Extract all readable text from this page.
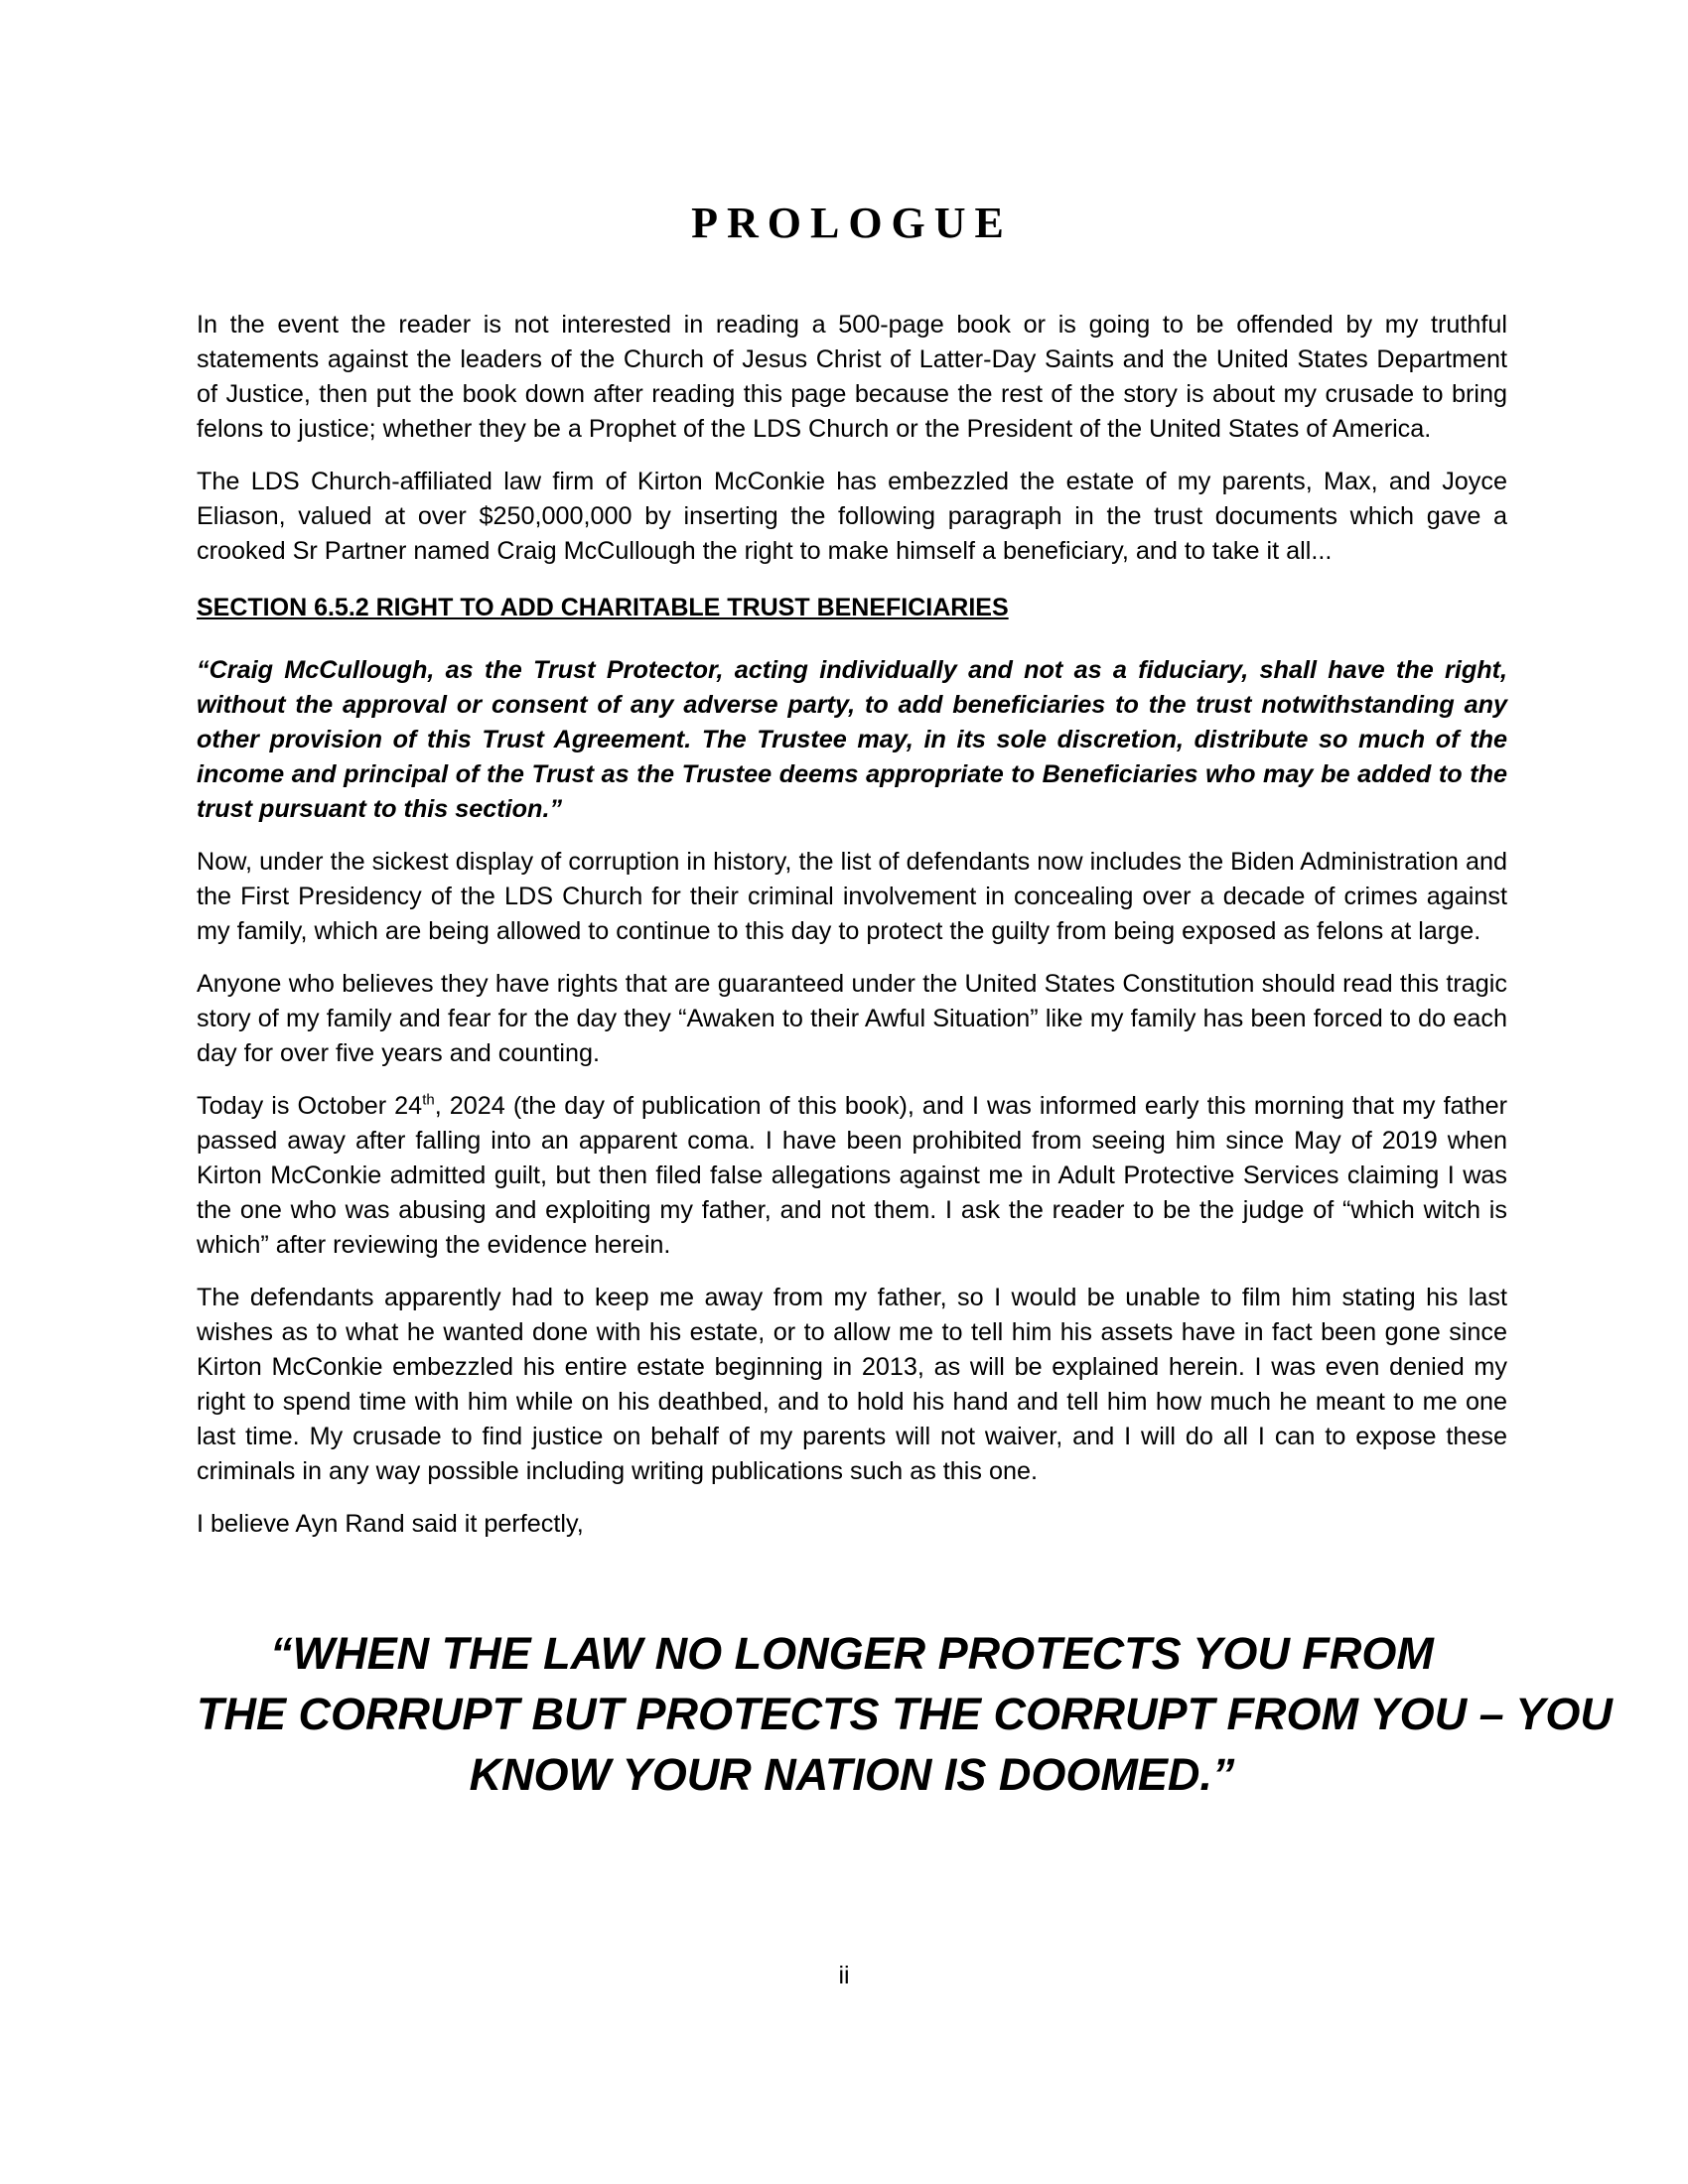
PROLOGUE

In the event the reader is not interested in reading a 500-page book or is going to be offended by my truthful statements against the leaders of the Church of Jesus Christ of Latter-Day Saints and the United States Department of Justice, then put the book down after reading this page because the rest of the story is about my crusade to bring felons to justice; whether they be a Prophet of the LDS Church or the President of the United States of America.

The LDS Church-affiliated law firm of Kirton McConkie has embezzled the estate of my parents, Max, and Joyce Eliason, valued at over $250,000,000 by inserting the following paragraph in the trust documents which gave a crooked Sr Partner named Craig McCullough the right to make himself a beneficiary, and to take it all...

SECTION 6.5.2 RIGHT TO ADD CHARITABLE TRUST BENEFICIARIES

“Craig McCullough, as the Trust Protector, acting individually and not as a fiduciary, shall have the right, without the approval or consent of any adverse party, to add beneficiaries to the trust notwithstanding any other provision of this Trust Agreement. The Trustee may, in its sole discretion, distribute so much of the income and principal of the Trust as the Trustee deems appropriate to Beneficiaries who may be added to the trust pursuant to this section.”

Now, under the sickest display of corruption in history, the list of defendants now includes the Biden Administration and the First Presidency of the LDS Church for their criminal involvement in concealing over a decade of crimes against my family, which are being allowed to continue to this day to protect the guilty from being exposed as felons at large.

Anyone who believes they have rights that are guaranteed under the United States Constitution should read this tragic story of my family and fear for the day they “Awaken to their Awful Situation” like my family has been forced to do each day for over five years and counting.

Today is October 24th, 2024 (the day of publication of this book), and I was informed early this morning that my father passed away after falling into an apparent coma. I have been prohibited from seeing him since May of 2019 when Kirton McConkie admitted guilt, but then filed false allegations against me in Adult Protective Services claiming I was the one who was abusing and exploiting my father, and not them. I ask the reader to be the judge of “which witch is which” after reviewing the evidence herein.

The defendants apparently had to keep me away from my father, so I would be unable to film him stating his last wishes as to what he wanted done with his estate, or to allow me to tell him his assets have in fact been gone since Kirton McConkie embezzled his entire estate beginning in 2013, as will be explained herein. I was even denied my right to spend time with him while on his deathbed, and to hold his hand and tell him how much he meant to me one last time. My crusade to find justice on behalf of my parents will not waiver, and I will do all I can to expose these criminals in any way possible including writing publications such as this one.

I believe Ayn Rand said it perfectly,

“WHEN THE LAW NO LONGER PROTECTS YOU FROM
THE CORRUPT BUT PROTECTS THE CORRUPT FROM YOU – YOU
KNOW YOUR NATION IS DOOMED.”
ii
